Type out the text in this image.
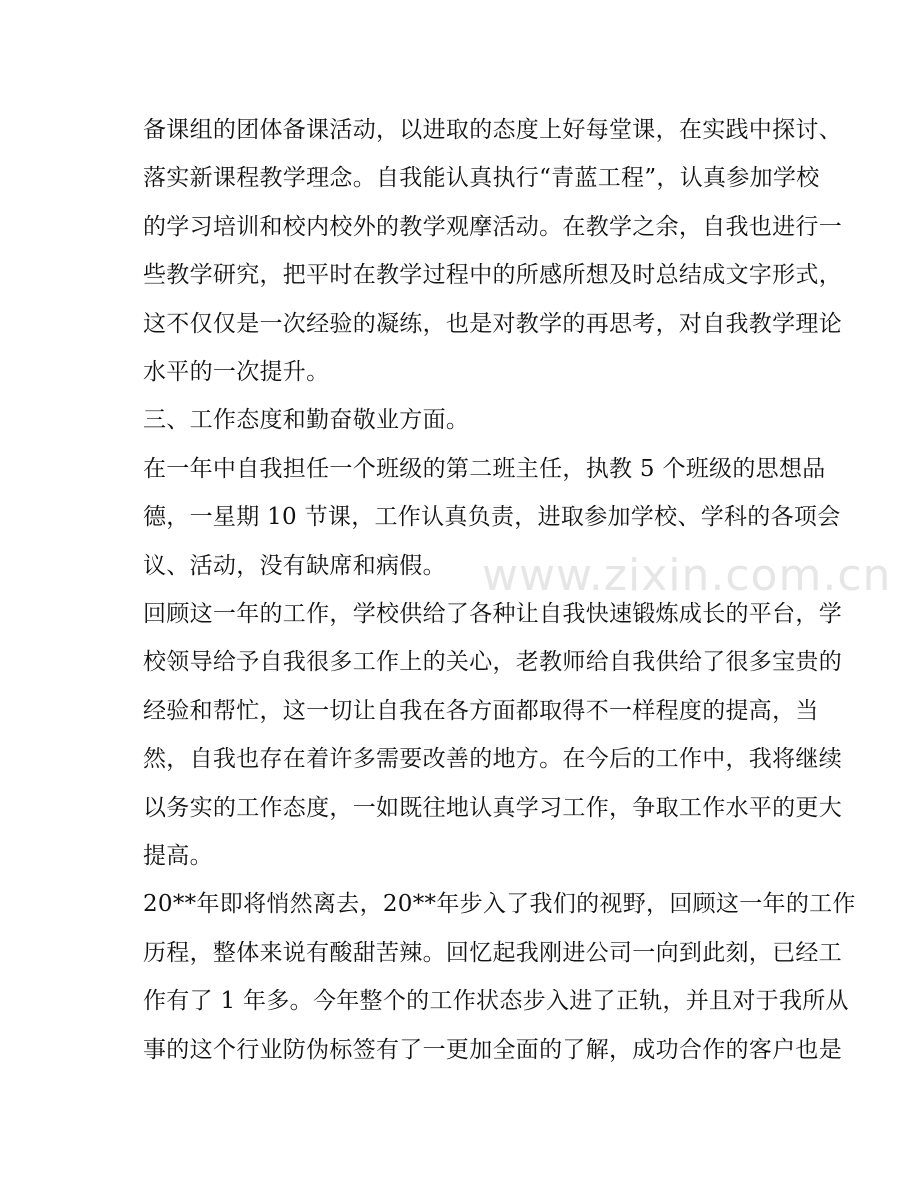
www.zixin.com.cn
备课组的团体备课活动，以进取的态度上好每堂课，在实践中探讨、
落实新课程教学理念。自我能认真执行“青蓝工程”，认真参加学校
的学习培训和校内校外的教学观摩活动。在教学之余，自我也进行一
些教学研究，把平时在教学过程中的所感所想及时总结成文字形式，
这不仅仅是一次经验的凝练，也是对教学的再思考，对自我教学理论
水平的一次提升。
三、工作态度和勤奋敬业方面。
在一年中自我担任一个班级的第二班主任，执教 5 个班级的思想品
德，一星期 10 节课，工作认真负责，进取参加学校、学科的各项会
议、活动，没有缺席和病假。
回顾这一年的工作，学校供给了各种让自我快速锻炼成长的平台，学
校领导给予自我很多工作上的关心，老教师给自我供给了很多宝贵的
经验和帮忙，这一切让自我在各方面都取得不一样程度的提高，当
然，自我也存在着许多需要改善的地方。在今后的工作中，我将继续
以务实的工作态度，一如既往地认真学习工作，争取工作水平的更大
提高。
20**年即将悄然离去，20**年步入了我们的视野，回顾这一年的工作
历程，整体来说有酸甜苦辣。回忆起我刚进公司一向到此刻，已经工
作有了 1 年多。今年整个的工作状态步入进了正轨，并且对于我所从
事的这个行业防伪标签有了一更加全面的了解，成功合作的客户也是
